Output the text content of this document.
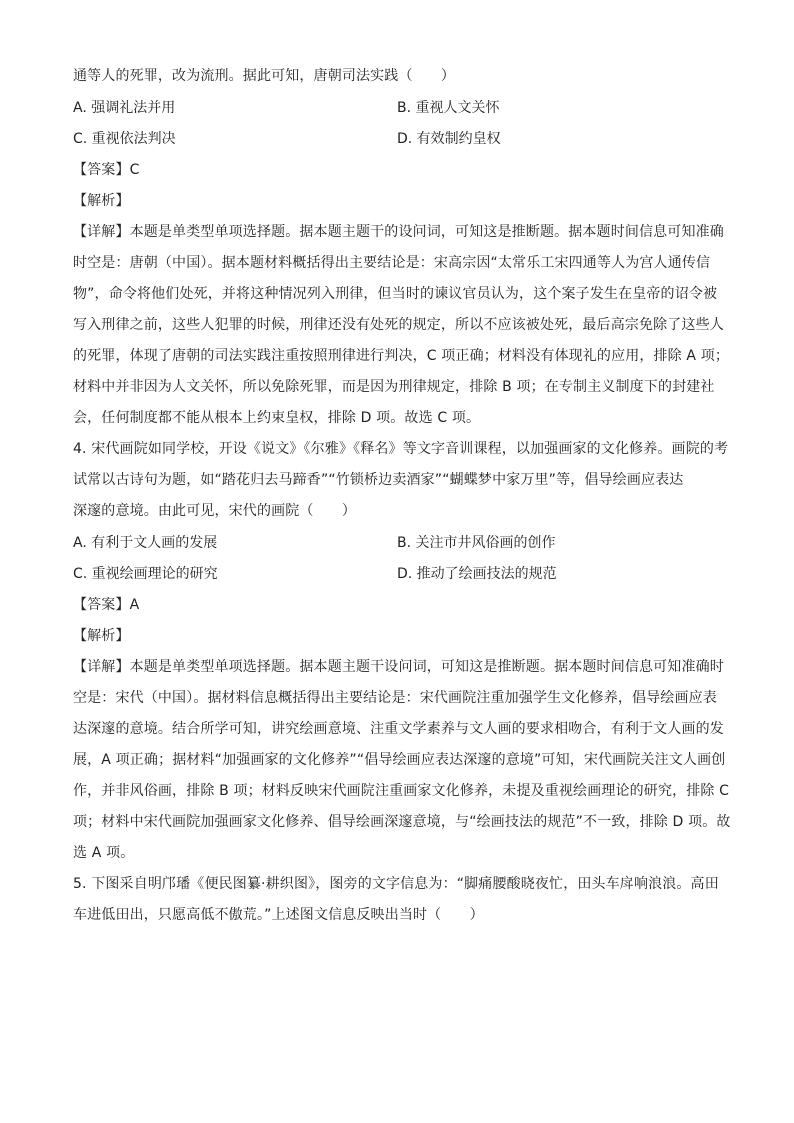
通等人的死罪，改为流刑。据此可知，唐朝司法实践（　　）
A. 强调礼法并用	B. 重视人文关怀
C. 重视依法判决	D. 有效制约皇权
【答案】C
【解析】
【详解】本题是单类型单项选择题。据本题主题干的设问词，可知这是推断题。据本题时间信息可知准确
时空是：唐朝（中国）。据本题材料概括得出主要结论是：宋高宗因“太常乐工宋四通等人为宫人通传信
物”，命令将他们处死，并将这种情况列入刑律，但当时的谏议官员认为，这个案子发生在皇帝的诏令被
写入刑律之前，这些人犯罪的时候，刑律还没有处死的规定，所以不应该被处死，最后高宗免除了这些人
的死罪，体现了唐朝的司法实践注重按照刑律进行判决，C 项正确；材料没有体现礼的应用，排除 A 项；
材料中并非因为人文关怀，所以免除死罪，而是因为刑律规定，排除 B 项；在专制主义制度下的封建社
会，任何制度都不能从根本上约束皇权，排除 D 项。故选 C 项。
4. 宋代画院如同学校，开设《说文》《尔雅》《释名》等文字音训课程，以加强画家的文化修养。画院的考
试常以古诗句为题，如“踏花归去马蹄香”“竹锁桥边卖酒家”“蝴蝶梦中家万里”等，倡导绘画应表达
深邃的意境。由此可见，宋代的画院（　　）
A. 有利于文人画的发展	B. 关注市井风俗画的创作
C. 重视绘画理论的研究	D. 推动了绘画技法的规范
【答案】A
【解析】
【详解】本题是单类型单项选择题。据本题主题干设问词，可知这是推断题。据本题时间信息可知准确时
空是：宋代（中国）。据材料信息概括得出主要结论是：宋代画院注重加强学生文化修养，倡导绘画应表
达深邃的意境。结合所学可知，讲究绘画意境、注重文学素养与文人画的要求相吻合，有利于文人画的发
展，A 项正确；据材料“加强画家的文化修养”“倡导绘画应表达深邃的意境”可知，宋代画院关注文人画创
作，并非风俗画，排除 B 项；材料反映宋代画院注重画家文化修养，未提及重视绘画理论的研究，排除 C
项；材料中宋代画院加强画家文化修养、倡导绘画深邃意境，与“绘画技法的规范”不一致，排除 D 项。故
选 A 项。
5. 下图采自明邝璠《便民图纂·耕织图》，图旁的文字信息为：“脚痛腰酸晓夜忙，田头车戽响浪浪。高田
车进低田出，只愿高低不傲荒。”上述图文信息反映出当时（　　）
